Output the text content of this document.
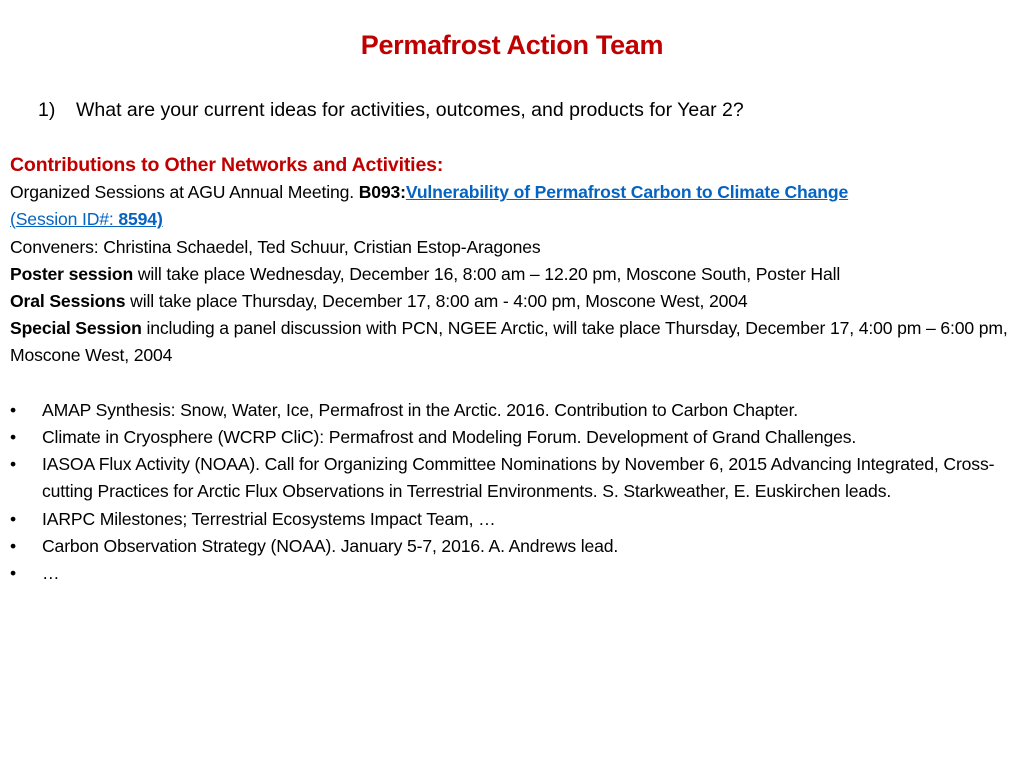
Permafrost Action Team
1) What are your current ideas for activities, outcomes, and products for Year 2?
Contributions to Other Networks and Activities:
Organized Sessions at AGU Annual Meeting. B093:Vulnerability of Permafrost Carbon to Climate Change
(Session ID#: 8594)
Conveners: Christina Schaedel, Ted Schuur, Cristian Estop-Aragones
Poster session will take place Wednesday, December 16, 8:00 am – 12.20 pm, Moscone South, Poster Hall
Oral Sessions will take place Thursday, December 17, 8:00 am - 4:00 pm, Moscone West, 2004
Special Session including a panel discussion with PCN, NGEE Arctic, will take place Thursday, December 17, 4:00 pm – 6:00 pm, Moscone West, 2004
•	AMAP Synthesis: Snow, Water, Ice, Permafrost in the Arctic. 2016. Contribution to Carbon Chapter.
•	Climate in Cryosphere (WCRP CliC): Permafrost and Modeling Forum. Development of Grand Challenges.
•	IASOA Flux Activity (NOAA). Call for Organizing Committee Nominations by November 6, 2015 Advancing Integrated, Cross-cutting Practices for Arctic Flux Observations in Terrestrial Environments. S. Starkweather, E. Euskirchen leads.
•	IARPC Milestones; Terrestrial Ecosystems Impact Team, …
•	Carbon Observation Strategy (NOAA). January 5-7, 2016. A. Andrews lead.
•	…
